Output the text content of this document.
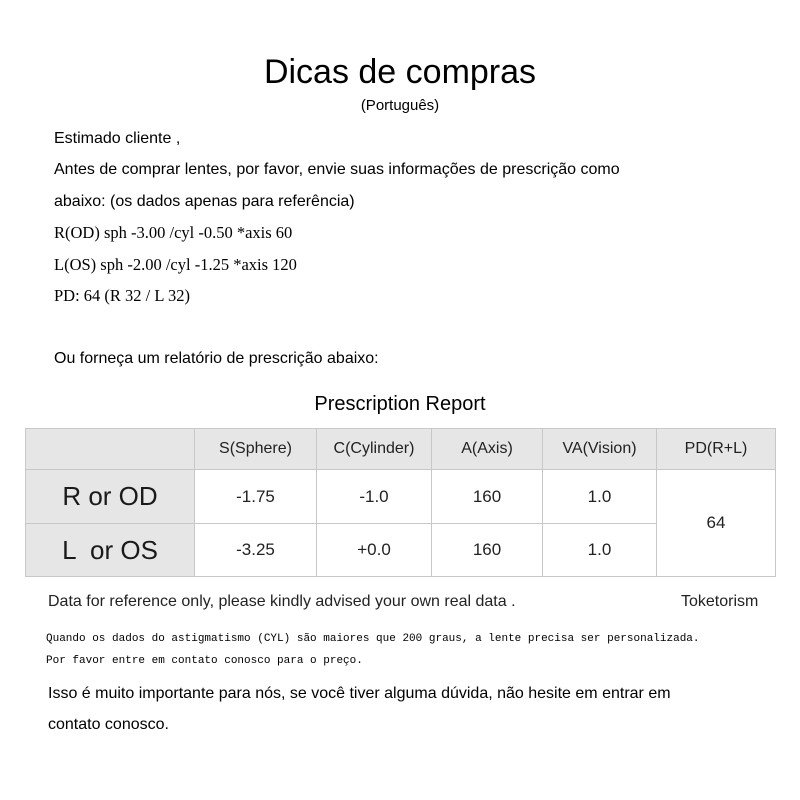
Dicas de compras
(Português)
Estimado cliente ,
Antes de comprar lentes, por favor, envie suas informações de prescrição como
abaixo: (os dados apenas para referência)
R(OD) sph -3.00 /cyl -0.50 *axis 60
L(OS) sph -2.00 /cyl -1.25 *axis 120
PD: 64 (R 32 / L 32)
Ou forneça um relatório de prescrição abaixo:
Prescription Report
	S(Sphere)	C(Cylinder)	A(Axis)	VA(Vision)	PD(R+L)
R or OD	-1.75	-1.0	160	1.0	64
L  or OS	-3.25	+0.0	160	1.0	
Data for reference only, please kindly advised your own real data .	Toketorism
Quando os dados do astigmatismo (CYL) são maiores que 200 graus, a lente precisa ser personalizada.
Por favor entre em contato conosco para o preço.
Isso é muito importante para nós, se você tiver alguma dúvida, não hesite em entrar em
contato conosco.
